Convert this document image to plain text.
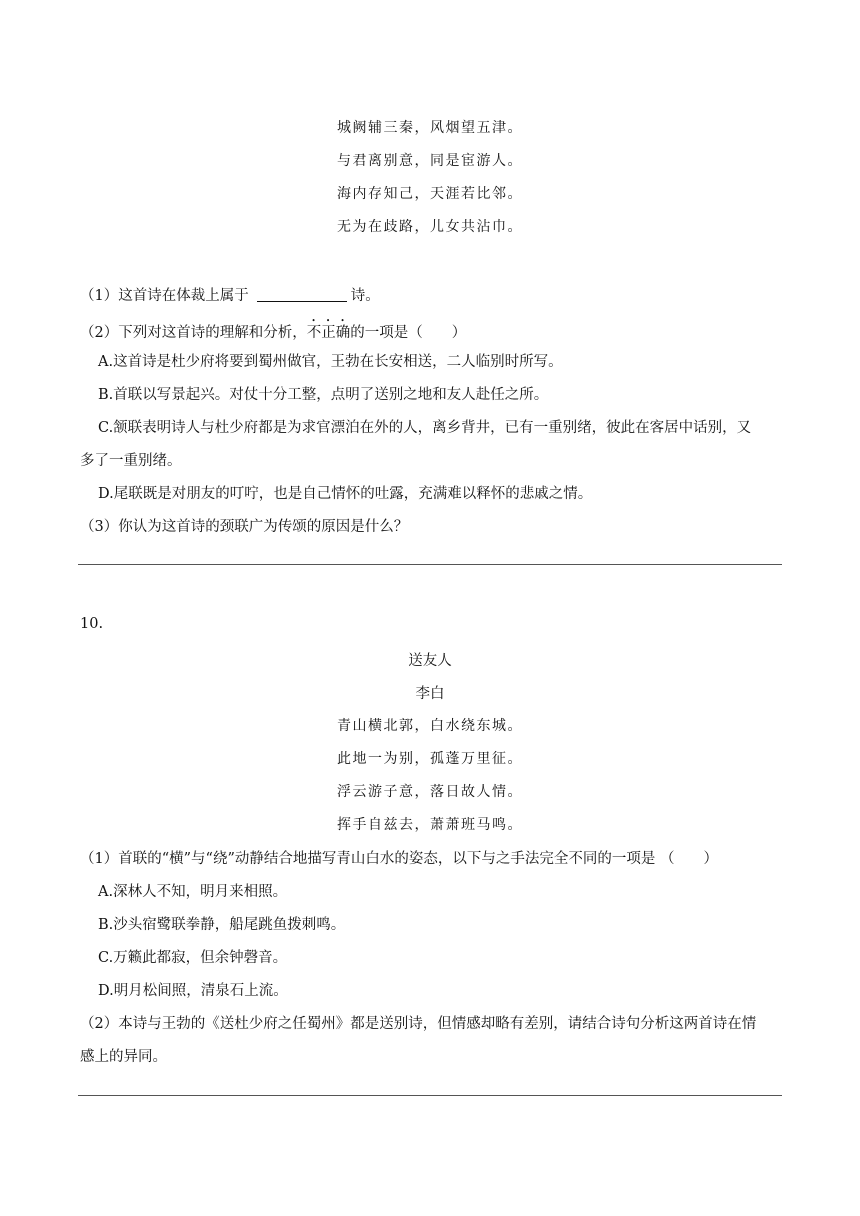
城阙辅三秦，风烟望五津。
与君离别意，同是宦游人。
海内存知己，天涯若比邻。
无为在歧路，儿女共沾巾。
（1）这首诗在体裁上属于	诗。
（2）下列对这首诗的理解和分析，不正确的一项是（　　）
A.这首诗是杜少府将要到蜀州做官，王勃在长安相送，二人临别时所写。
B.首联以写景起兴。对仗十分工整，点明了送别之地和友人赴任之所。
C.颔联表明诗人与杜少府都是为求官漂泊在外的人，离乡背井，已有一重别绪，彼此在客居中话别，又
多了一重别绪。
D.尾联既是对朋友的叮咛，也是自己情怀的吐露，充满难以释怀的悲戚之情。
（3）你认为这首诗的颈联广为传颂的原因是什么？
10.
送友人
李白
青山横北郭，白水绕东城。
此地一为别，孤蓬万里征。
浮云游子意，落日故人情。
挥手自兹去，萧萧班马鸣。
（1）首联的“横”与“绕”动静结合地描写青山白水的姿态，以下与之手法完全不同的一项是 （　　）
A.深林人不知，明月来相照。
B.沙头宿鹭联拳静，船尾跳鱼拨刺鸣。
C.万籁此都寂，但余钟磬音。
D.明月松间照，清泉石上流。
（2）本诗与王勃的《送杜少府之任蜀州》都是送别诗，但情感却略有差别，请结合诗句分析这两首诗在情
感上的异同。
